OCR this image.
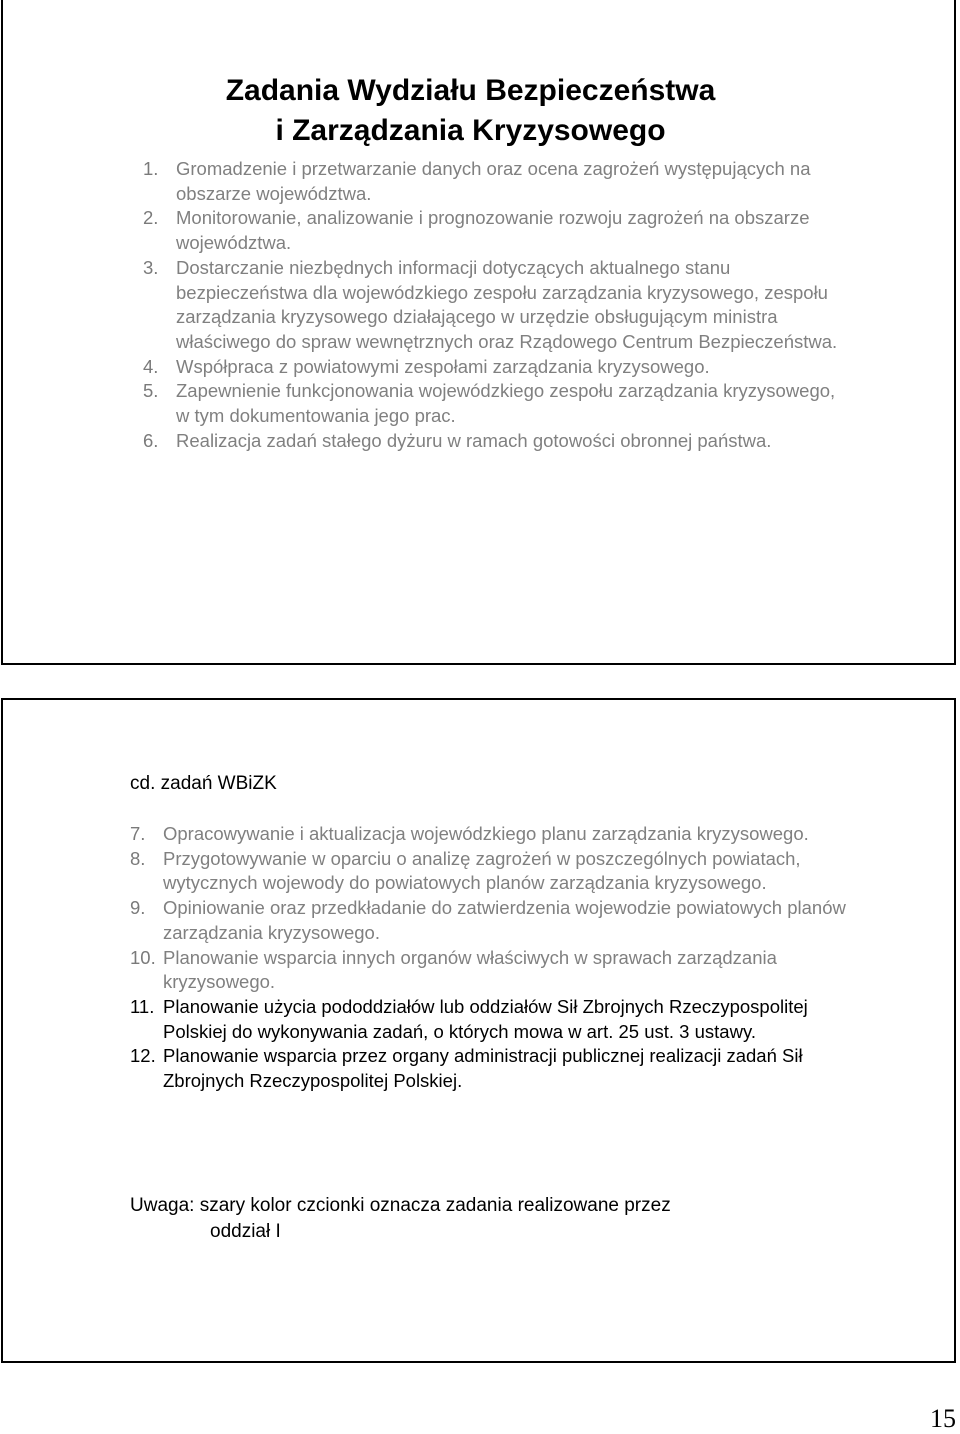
Zadania Wydziału Bezpieczeństwa
i Zarządzania Kryzysowego
1. Gromadzenie i przetwarzanie danych oraz ocena zagrożeń występujących na obszarze województwa.
2. Monitorowanie, analizowanie i prognozowanie rozwoju zagrożeń na obszarze województwa.
3. Dostarczanie niezbędnych informacji dotyczących aktualnego stanu bezpieczeństwa dla wojewódzkiego zespołu zarządzania kryzysowego, zespołu zarządzania kryzysowego działającego w urzędzie obsługującym ministra właściwego do spraw wewnętrznych oraz Rządowego Centrum Bezpieczeństwa.
4. Współpraca z powiatowymi zespołami zarządzania kryzysowego.
5. Zapewnienie funkcjonowania wojewódzkiego zespołu zarządzania kryzysowego, w tym dokumentowania jego prac.
6. Realizacja zadań stałego dyżuru w ramach gotowości obronnej państwa.
cd. zadań WBiZK
7. Opracowywanie i aktualizacja wojewódzkiego planu zarządzania kryzysowego.
8. Przygotowywanie w oparciu o analizę zagrożeń w poszczególnych powiatach, wytycznych wojewody do powiatowych planów zarządzania kryzysowego.
9. Opiniowanie oraz przedkładanie do zatwierdzenia wojewodzie powiatowych planów zarządzania kryzysowego.
10. Planowanie wsparcia innych organów właściwych w sprawach zarządzania kryzysowego.
11. Planowanie użycia pododdziałów lub oddziałów Sił Zbrojnych Rzeczypospolitej Polskiej do wykonywania zadań, o których mowa w art. 25 ust. 3 ustawy.
12. Planowanie wsparcia przez organy administracji publicznej realizacji zadań Sił Zbrojnych Rzeczypospolitej Polskiej.
Uwaga: szary kolor czcionki oznacza zadania realizowane przez
oddział I
15
